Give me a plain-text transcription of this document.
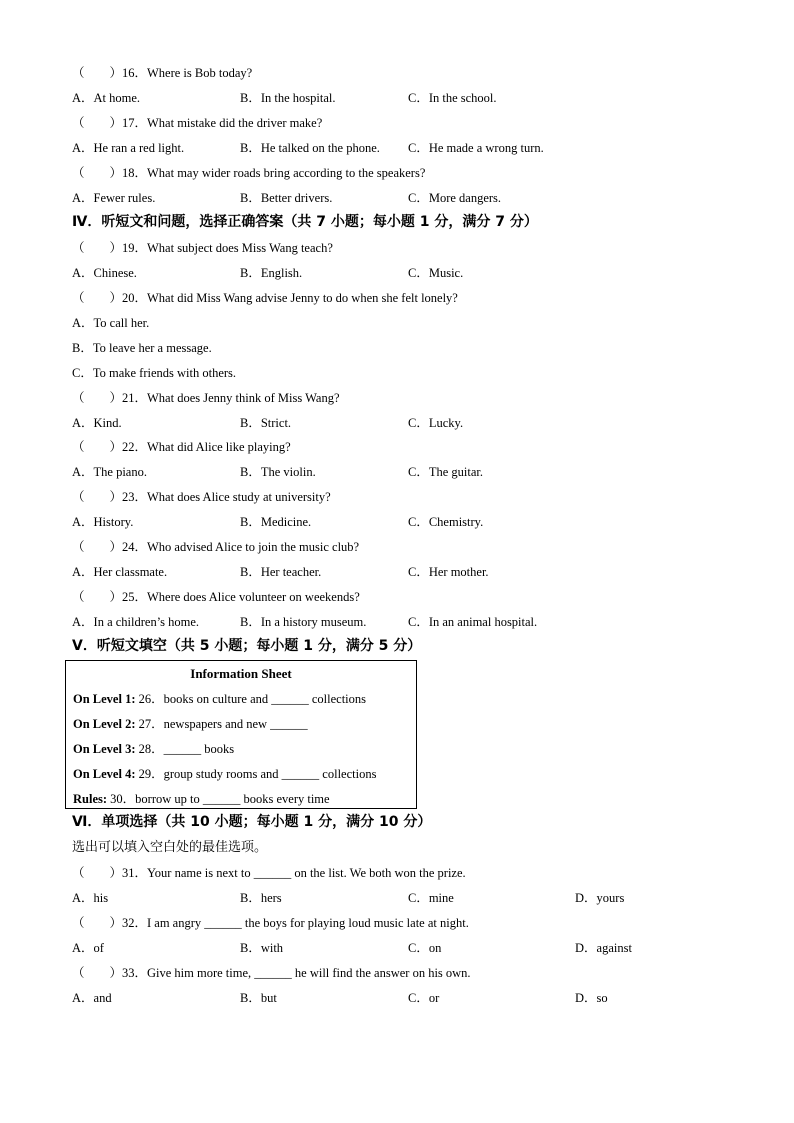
（　　）16．Where is Bob today?
A．At home.	B．In the hospital.	C．In the school.
（　　）17．What mistake did the driver make?
A．He ran a red light.	B．He talked on the phone. C．He made a wrong turn.
（　　）18．What may wider roads bring according to the speakers?
A．Fewer rules.	B．Better drivers.	C．More dangers.
Ⅳ．听短文和问题，选择正确答案（共 7 小题；每小题 1 分，满分 7 分）
（　　）19．What subject does Miss Wang teach?
A．Chinese.	B．English.	C．Music.
（　　）20．What did Miss Wang advise Jenny to do when she felt lonely?
A．To call her.
B．To leave her a message.
C．To make friends with others.
（　　）21．What does Jenny think of Miss Wang?
A．Kind.	B．Strict.	C．Lucky.
（　　）22．What did Alice like playing?
A．The piano.	B．The violin.	C．The guitar.
（　　）23．What does Alice study at university?
A．History.	B．Medicine.	C．Chemistry.
（　　）24．Who advised Alice to join the music club?
A．Her classmate.	B．Her teacher.	C．Her mother.
（　　）25．Where does Alice volunteer on weekends?
A．In a children’s home.	B．In a history museum.	C．In an animal hospital.
Ⅴ．听短文填空（共 5 小题；每小题 1 分，满分 5 分）
Information Sheet
On Level 1: 26．books on culture and ______ collections
On Level 2: 27．newspapers and new ______
On Level 3: 28．______ books
On Level 4: 29．group study rooms and ______ collections
Rules: 30．borrow up to ______ books every time
Ⅵ．单项选择（共 10 小题；每小题 1 分，满分 10 分）
选出可以填入空白处的最佳选项。
（　　）31．Your name is next to ______ on the list. We both won the prize.
A．his	B．hers	C．mine	D．yours
（　　）32．I am angry ______ the boys for playing loud music late at night.
A．of	B．with	C．on	D．against
（　　）33．Give him more time, ______ he will find the answer on his own.
A．and	B．but	C．or	D．so
